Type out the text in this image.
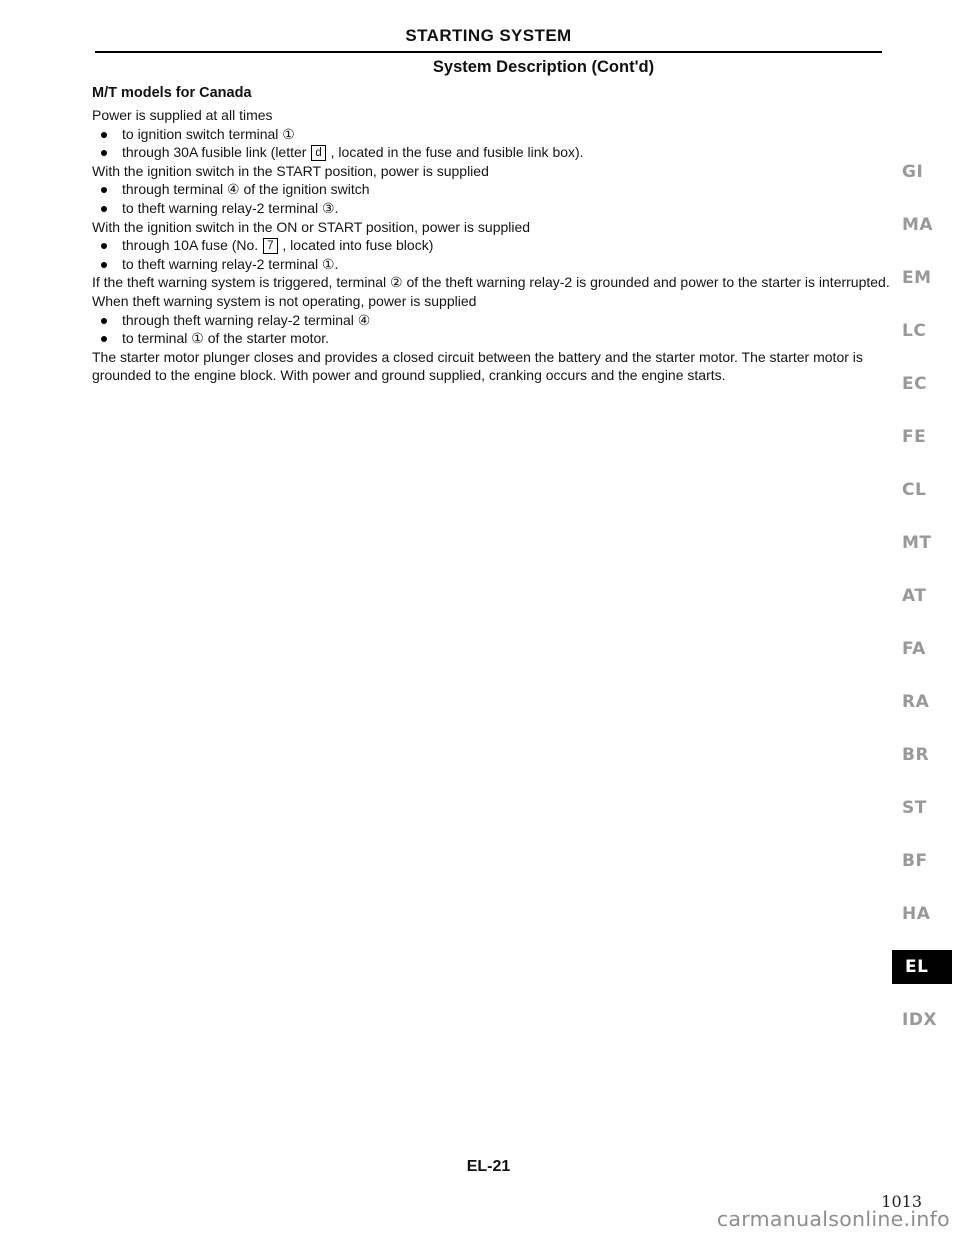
STARTING SYSTEM
System Description (Cont'd)
M/T models for Canada
Power is supplied at all times
to ignition switch terminal ①
through 30A fusible link (letter d , located in the fuse and fusible link box).
With the ignition switch in the START position, power is supplied
through terminal ④ of the ignition switch
to theft warning relay-2 terminal ③.
With the ignition switch in the ON or START position, power is supplied
through 10A fuse (No. 7 , located into fuse block)
to theft warning relay-2 terminal ①.
If the theft warning system is triggered, terminal ② of the theft warning relay-2 is grounded and power to the starter is interrupted.
When theft warning system is not operating, power is supplied
through theft warning relay-2 terminal ④
to terminal ① of the starter motor.
The starter motor plunger closes and provides a closed circuit between the battery and the starter motor. The starter motor is grounded to the engine block. With power and ground supplied, cranking occurs and the engine starts.
GI
MA
EM
LC
EC
FE
CL
MT
AT
FA
RA
BR
ST
BF
HA
EL
IDX
EL-21
1013
carmanualsonline.info
